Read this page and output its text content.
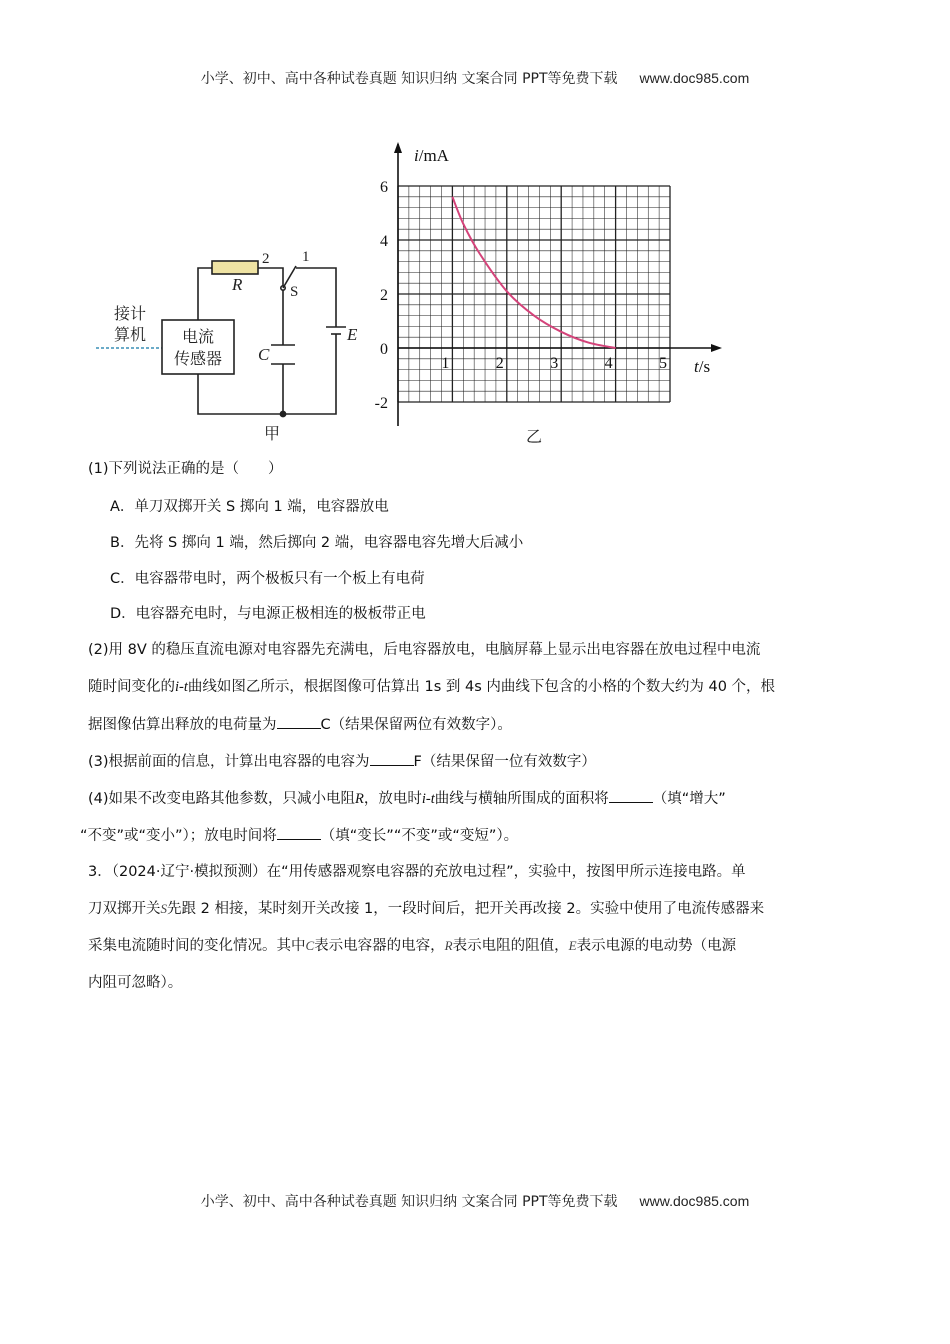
小学、初中、高中各种试卷真题 知识归纳 文案合同 PPT等免费下载 www.doc985.com
接计
算机 电流
传感器
R
C
E
S
2 1
甲
6
4
2
0
-2
1	2	3	4	5
i/mA
t/s
乙
(1)下列说法正确的是（　　）
A．单刀双掷开关 S 掷向 1 端，电容器放电
B．先将 S 掷向 1 端，然后掷向 2 端，电容器电容先增大后减小
C．电容器带电时，两个极板只有一个板上有电荷
D．电容器充电时，与电源正极相连的极板带正电
(2)用 8V 的稳压直流电源对电容器先充满电，后电容器放电，电脑屏幕上显示出电容器在放电过程中电流
随时间变化的i-t曲线如图乙所示，根据图像可估算出 1s 到 4s 内曲线下包含的小格的个数大约为 40 个，根
据图像估算出释放的电荷量为	C（结果保留两位有效数字）。
(3)根据前面的信息，计算出电容器的电容为	F（结果保留一位有效数字）
(4)如果不改变电路其他参数，只减小电阻R，放电时i-t曲线与横轴所围成的面积将	（填“增大”
“不变”或“变小”）；放电时间将	（填“变长”“不变”或“变短”）。
3．（2024·辽宁·模拟预测）在“用传感器观察电容器的充放电过程”，实验中，按图甲所示连接电路。单
刀双掷开关S先跟 2 相接，某时刻开关改接 1，一段时间后，把开关再改接 2。实验中使用了电流传感器来
采集电流随时间的变化情况。其中C表示电容器的电容，R表示电阻的阻值，E表示电源的电动势（电源
内阻可忽略）。
小学、初中、高中各种试卷真题 知识归纳 文案合同 PPT等免费下载 www.doc985.com
